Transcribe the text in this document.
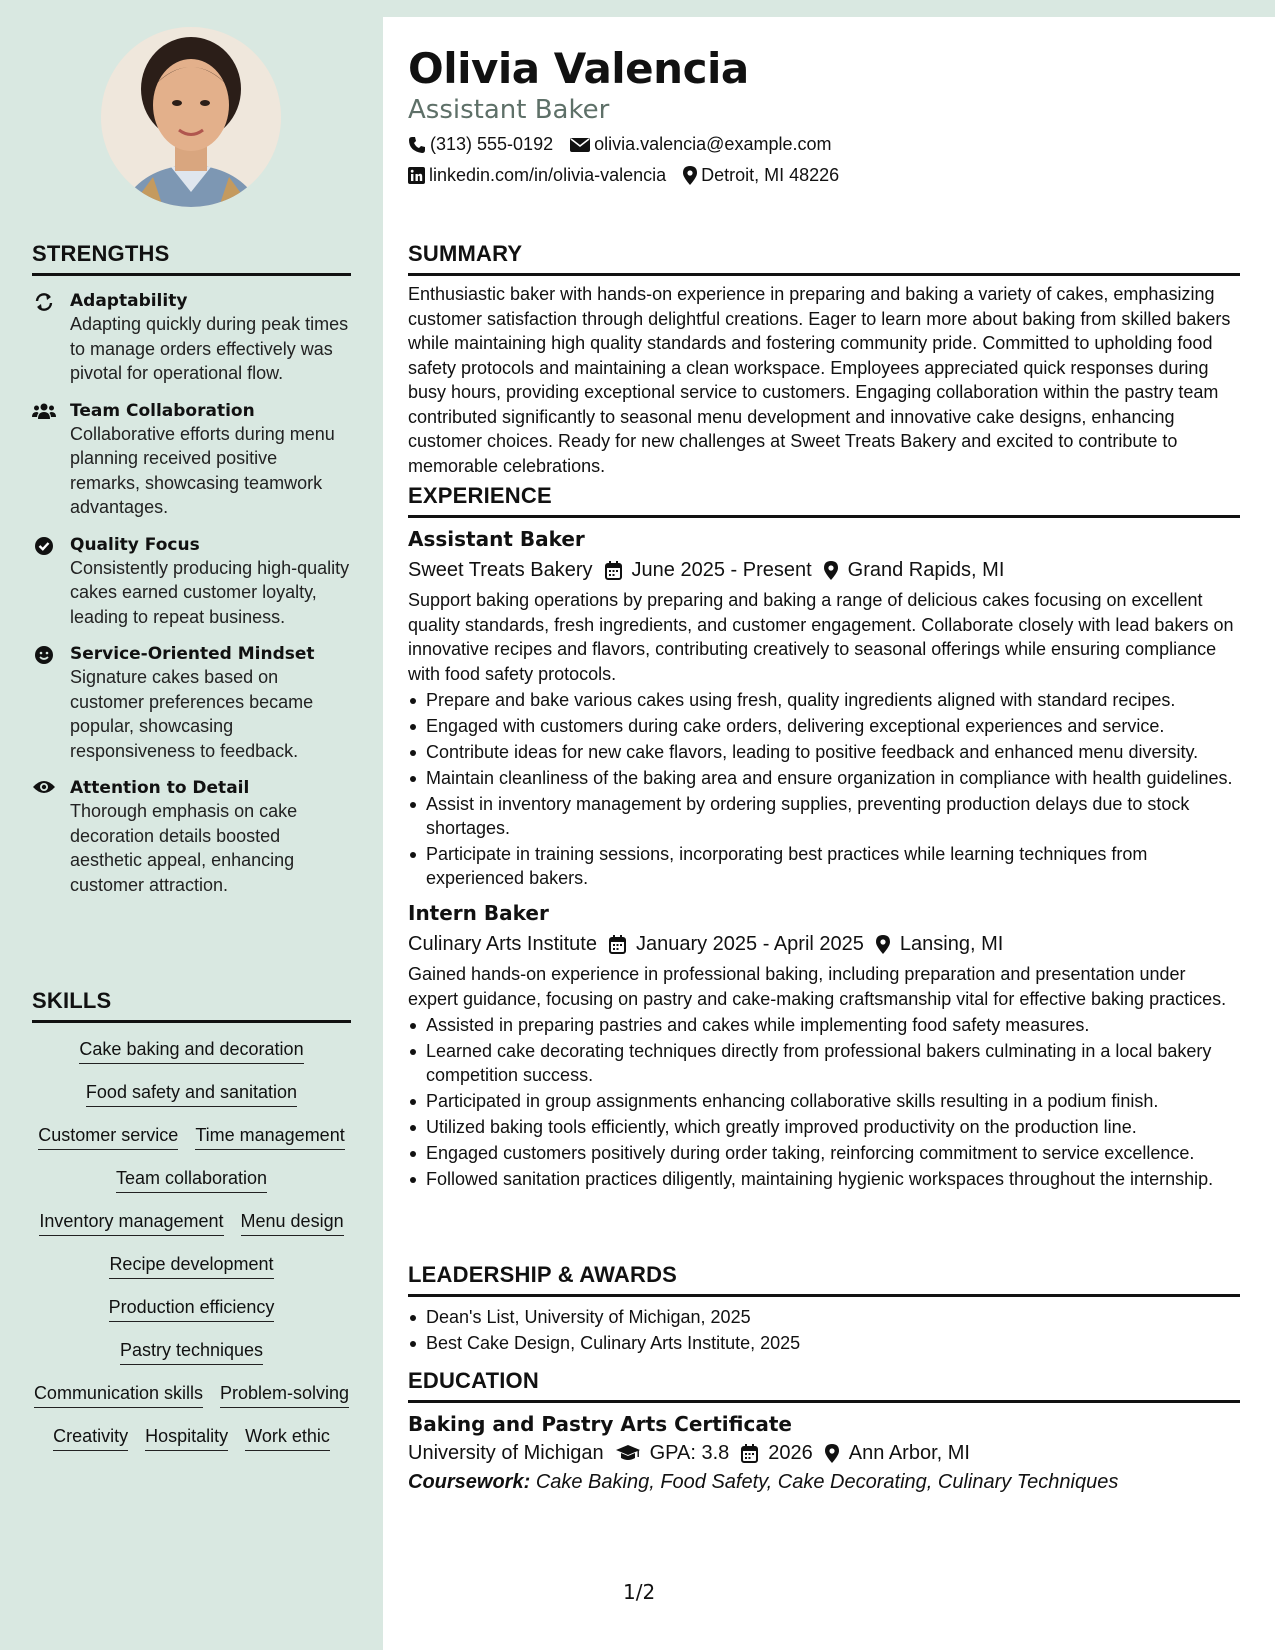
STRENGTHS
Adaptability
Adapting quickly during peak times to manage orders effectively was pivotal for operational flow.
Team Collaboration
Collaborative efforts during menu planning received positive remarks, showcasing teamwork advantages.
Quality Focus
Consistently producing high-quality cakes earned customer loyalty, leading to repeat business.
Service-Oriented Mindset
Signature cakes based on customer preferences became popular, showcasing responsiveness to feedback.
Attention to Detail
Thorough emphasis on cake decoration details boosted aesthetic appeal, enhancing customer attraction.
SKILLS
Cake baking and decoration
Food safety and sanitation
Customer service Time management
Team collaboration
Inventory management Menu design
Recipe development
Production efficiency
Pastry techniques
Communication skills Problem-solving
Creativity Hospitality Work ethic
Olivia Valencia
Assistant Baker
(313) 555-0192 olivia.valencia@example.com
linkedin.com/in/olivia-valencia Detroit, MI 48226
SUMMARY
Enthusiastic baker with hands-on experience in preparing and baking a variety of cakes, emphasizing customer satisfaction through delightful creations. Eager to learn more about baking from skilled bakers while maintaining high quality standards and fostering community pride. Committed to upholding food safety protocols and maintaining a clean workspace. Employees appreciated quick responses during busy hours, providing exceptional service to customers. Engaging collaboration within the pastry team contributed significantly to seasonal menu development and innovative cake designs, enhancing customer choices. Ready for new challenges at Sweet Treats Bakery and excited to contribute to memorable celebrations.
EXPERIENCE
Assistant Baker
Sweet Treats Bakery June 2025 - Present Grand Rapids, MI
Support baking operations by preparing and baking a range of delicious cakes focusing on excellent quality standards, fresh ingredients, and customer engagement. Collaborate closely with lead bakers on innovative recipes and flavors, contributing creatively to seasonal offerings while ensuring compliance with food safety protocols.
Prepare and bake various cakes using fresh, quality ingredients aligned with standard recipes.
Engaged with customers during cake orders, delivering exceptional experiences and service.
Contribute ideas for new cake flavors, leading to positive feedback and enhanced menu diversity.
Maintain cleanliness of the baking area and ensure organization in compliance with health guidelines.
Assist in inventory management by ordering supplies, preventing production delays due to stock shortages.
Participate in training sessions, incorporating best practices while learning techniques from experienced bakers.
Intern Baker
Culinary Arts Institute January 2025 - April 2025 Lansing, MI
Gained hands-on experience in professional baking, including preparation and presentation under expert guidance, focusing on pastry and cake-making craftsmanship vital for effective baking practices.
Assisted in preparing pastries and cakes while implementing food safety measures.
Learned cake decorating techniques directly from professional bakers culminating in a local bakery competition success.
Participated in group assignments enhancing collaborative skills resulting in a podium finish.
Utilized baking tools efficiently, which greatly improved productivity on the production line.
Engaged customers positively during order taking, reinforcing commitment to service excellence.
Followed sanitation practices diligently, maintaining hygienic workspaces throughout the internship.
LEADERSHIP & AWARDS
Dean's List, University of Michigan, 2025
Best Cake Design, Culinary Arts Institute, 2025
EDUCATION
Baking and Pastry Arts Certificate
University of Michigan GPA: 3.8 2026 Ann Arbor, MI
Coursework: Cake Baking, Food Safety, Cake Decorating, Culinary Techniques
1/2
